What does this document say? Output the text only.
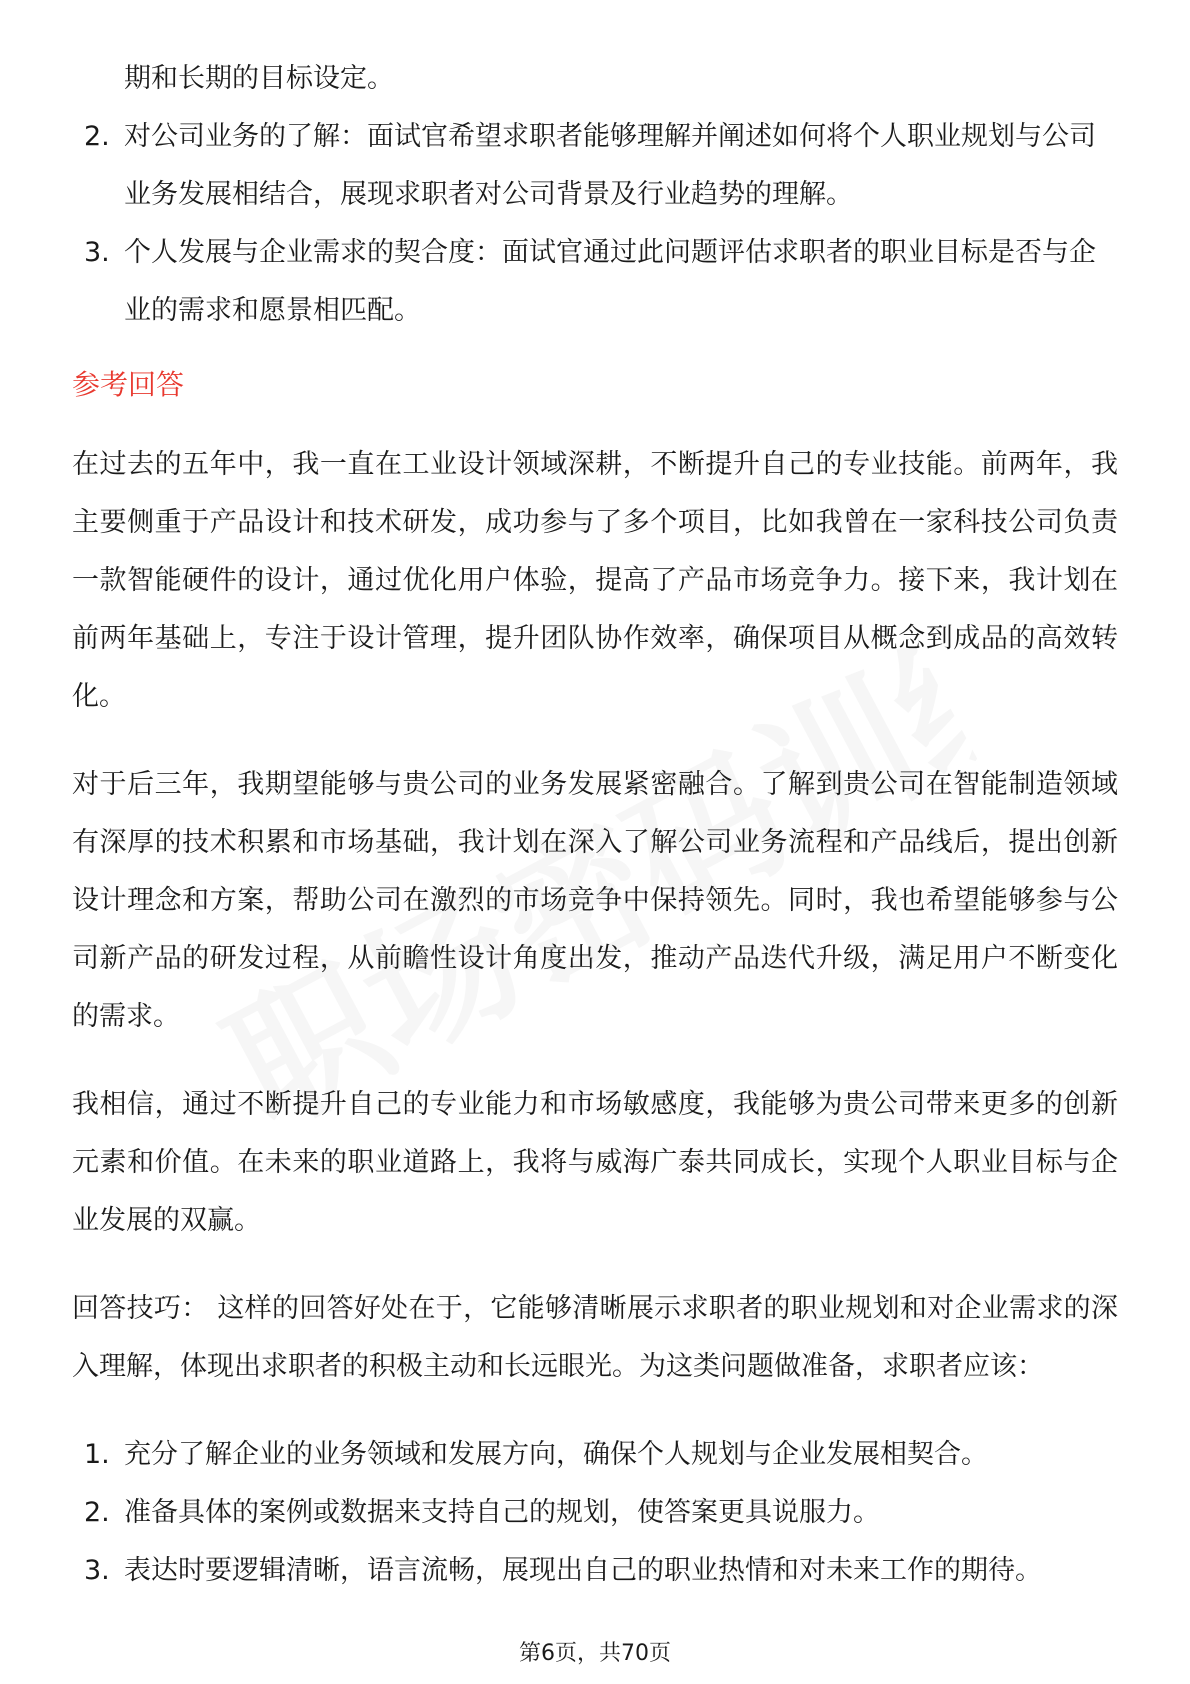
期和长期的目标设定。
2. 对公司业务的了解：面试官希望求职者能够理解并阐述如何将个人职业规划与公司业务发展相结合，展现求职者对公司背景及行业趋势的理解。
3. 个人发展与企业需求的契合度：面试官通过此问题评估求职者的职业目标是否与企业的需求和愿景相匹配。
参考回答

在过去的五年中，我一直在工业设计领域深耕，不断提升自己的专业技能。前两年，我主要侧重于产品设计和技术研发，成功参与了多个项目，比如我曾在一家科技公司负责一款智能硬件的设计，通过优化用户体验，提高了产品市场竞争力。接下来，我计划在前两年基础上，专注于设计管理，提升团队协作效率，确保项目从概念到成品的高效转化。

对于后三年，我期望能够与贵公司的业务发展紧密融合。了解到贵公司在智能制造领域有深厚的技术积累和市场基础，我计划在深入了解公司业务流程和产品线后，提出创新设计理念和方案，帮助公司在激烈的市场竞争中保持领先。同时，我也希望能够参与公司新产品的研发过程，从前瞻性设计角度出发，推动产品迭代升级，满足用户不断变化的需求。

我相信，通过不断提升自己的专业能力和市场敏感度，我能够为贵公司带来更多的创新元素和价值。在未来的职业道路上，我将与威海广泰共同成长，实现个人职业目标与企业发展的双赢。

回答技巧： 这样的回答好处在于，它能够清晰展示求职者的职业规划和对企业需求的深入理解，体现出求职者的积极主动和长远眼光。为这类问题做准备，求职者应该：

1. 充分了解企业的业务领域和发展方向，确保个人规划与企业发展相契合。
2. 准备具体的案例或数据来支持自己的规划，使答案更具说服力。
3. 表达时要逻辑清晰，语言流畅，展现出自己的职业热情和对未来工作的期待。
第6页，共70页
